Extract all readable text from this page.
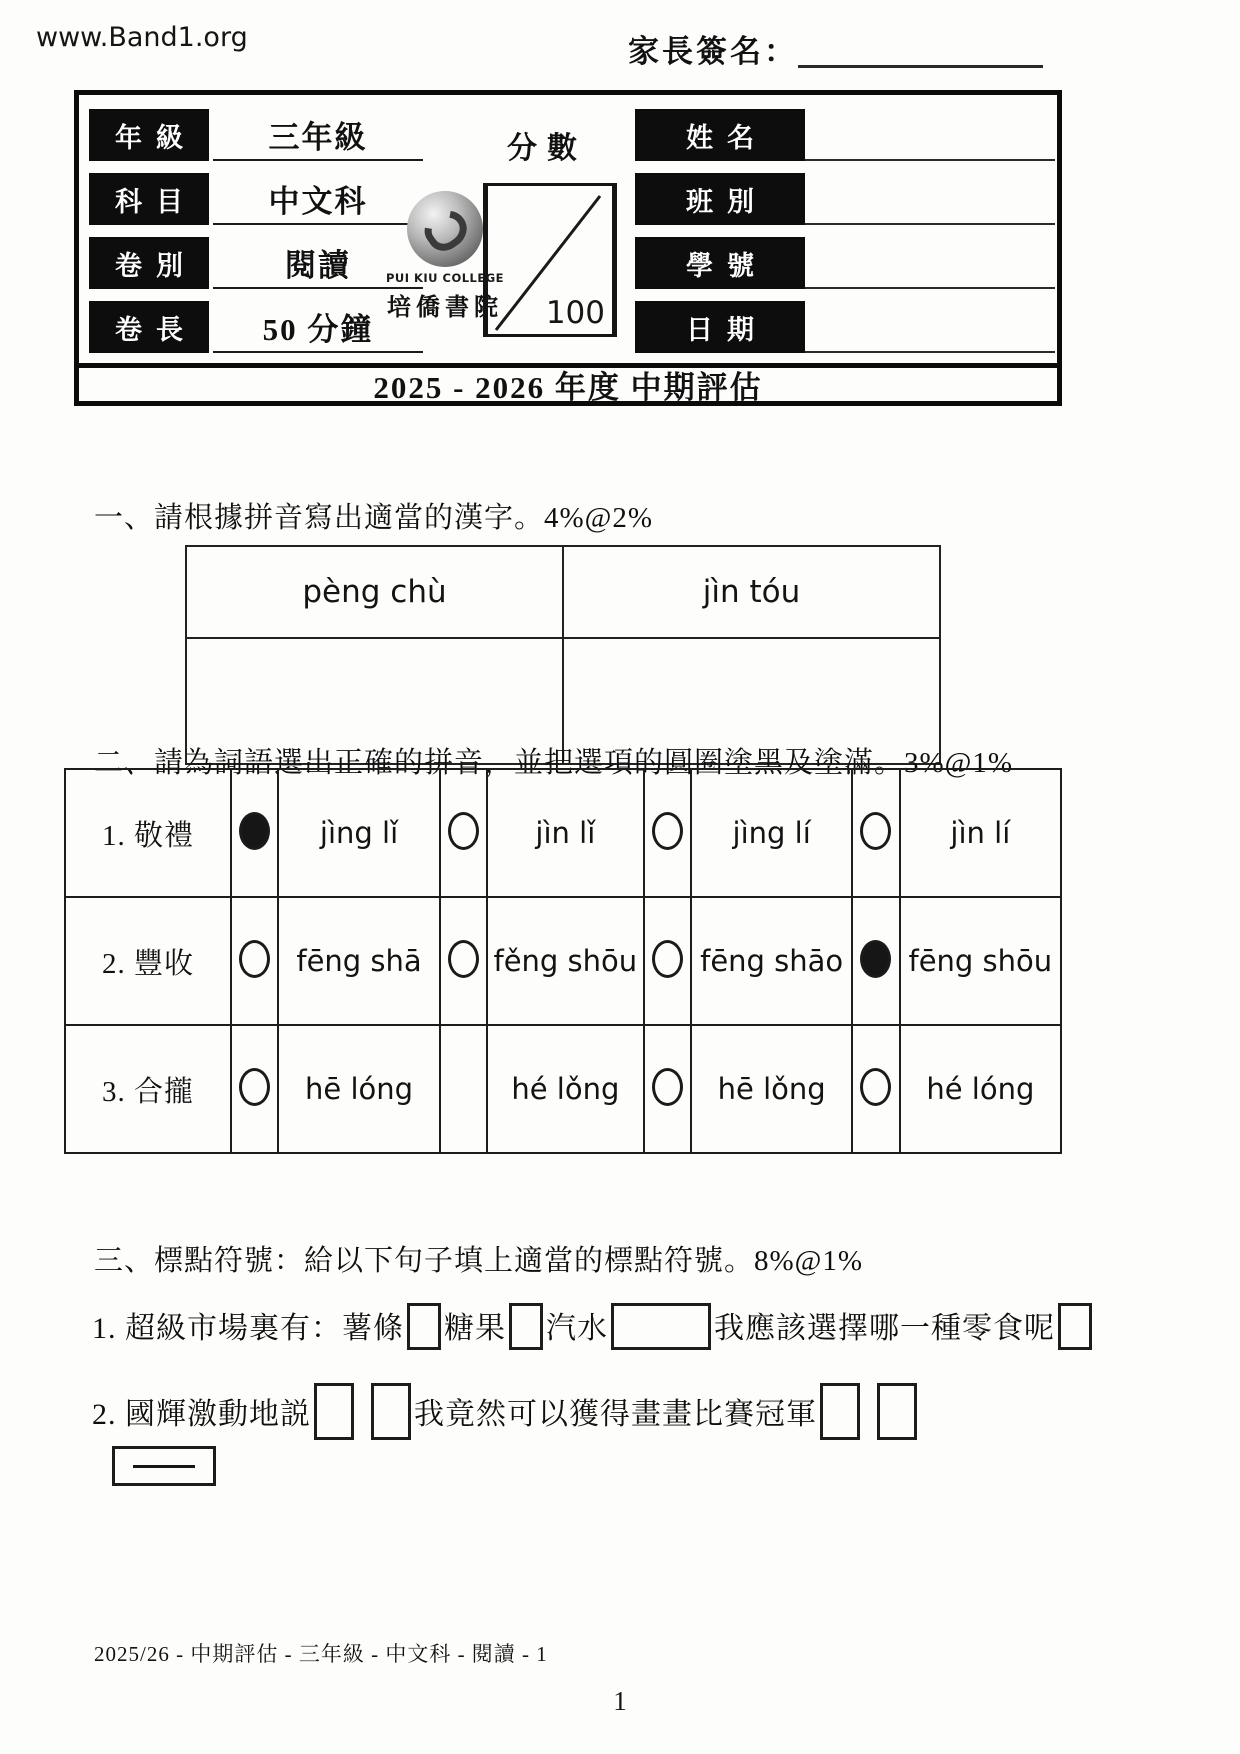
www.Band1.org	家長簽名：
年級	三年級
科目	中文科
卷別	閱讀
卷長	50 分鐘
分數
PUI KIU COLLEGE
培僑書院	100
姓名
班別
學號
日期
2025 - 2026 年度 中期評估
一、請根據拼音寫出適當的漢字。4%@2%
pèng chù	jìn tóu

二、請為詞語選出正確的拼音，並把選項的圓圈塗黑及塗滿。3%@1%
1. 敬禮		jìng lǐ		jìn lǐ		jìng lí		jìn lí
2. 豐收		fēng shā		fěng shōu		fēng shāo		fēng shōu
3. 合攏		hē lóng		hé lǒng		hē lǒng		hé lóng
三、標點符號：給以下句子填上適當的標點符號。8%@1%
1. 超級市場裏有：薯條 糖果 汽水	我應該選擇哪一種零食呢
2. 國輝激動地説	我竟然可以獲得畫畫比賽冠軍
2025/26 - 中期評估 - 三年級 - 中文科 - 閱讀 - 1
1
